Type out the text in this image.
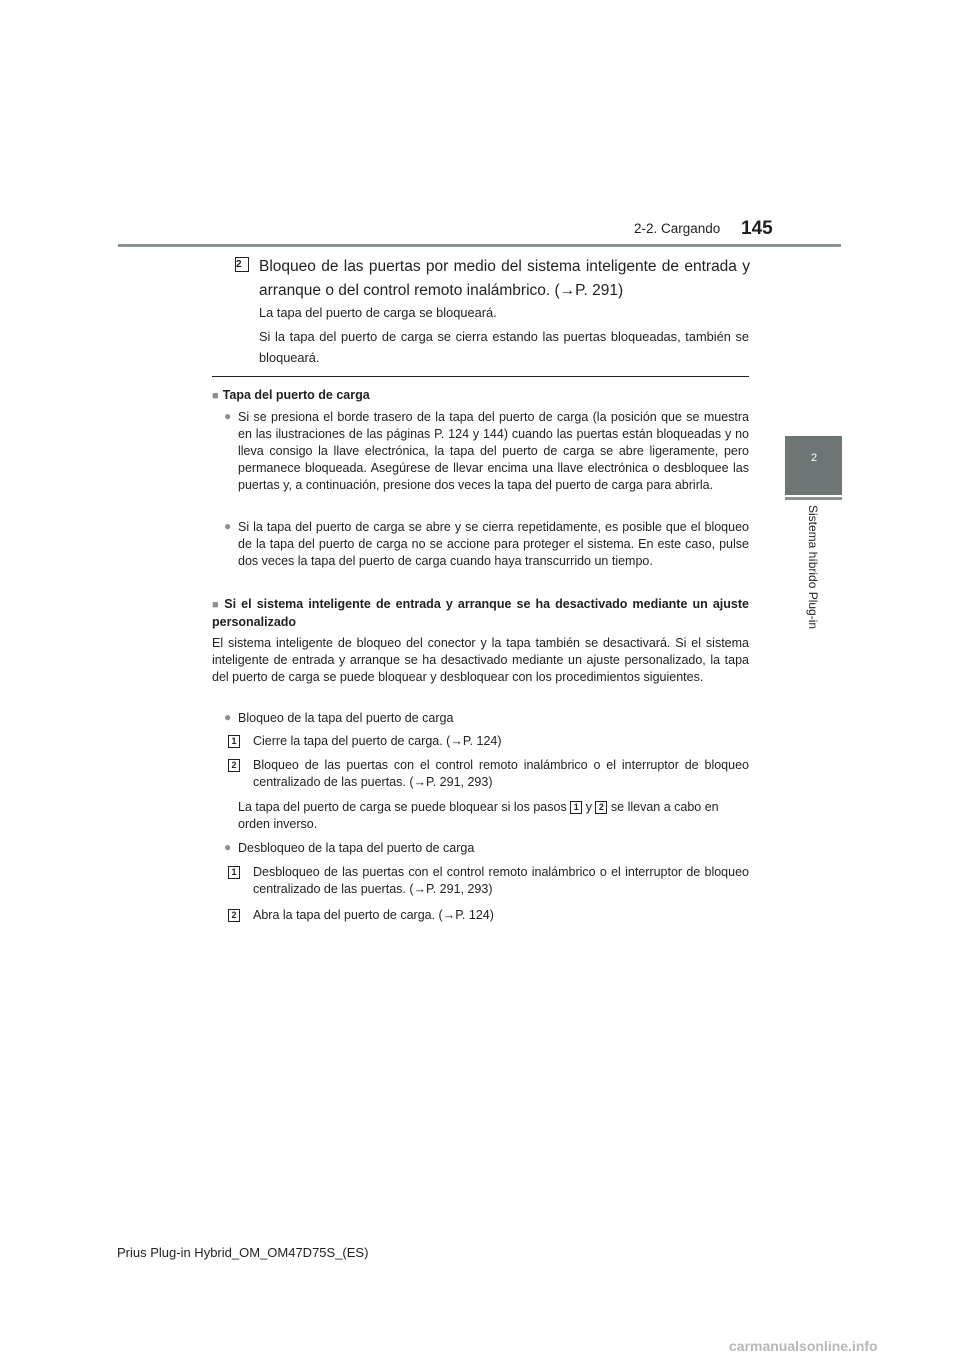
2-2. Cargando 145
2
Sistema híbrido Plug-in
2	Bloqueo de las puertas por medio del sistema inteligente de entrada y arranque o del control remoto inalámbrico. (→P. 291)
La tapa del puerto de carga se bloqueará.
Si la tapa del puerto de carga se cierra estando las puertas bloqueadas, también se bloqueará.
■ Tapa del puerto de carga
● Si se presiona el borde trasero de la tapa del puerto de carga (la posición que se muestra en las ilustraciones de las páginas P. 124 y 144) cuando las puertas están bloqueadas y no lleva consigo la llave electrónica, la tapa del puerto de carga se abre ligeramente, pero permanece bloqueada. Asegúrese de llevar encima una llave electrónica o desbloquee las puertas y, a continuación, presione dos veces la tapa del puerto de carga para abrirla.
● Si la tapa del puerto de carga se abre y se cierra repetidamente, es posible que el bloqueo de la tapa del puerto de carga no se accione para proteger el sistema. En este caso, pulse dos veces la tapa del puerto de carga cuando haya transcurrido un tiempo.
■ Si el sistema inteligente de entrada y arranque se ha desactivado mediante un ajuste personalizado
El sistema inteligente de bloqueo del conector y la tapa también se desactivará. Si el sistema inteligente de entrada y arranque se ha desactivado mediante un ajuste personalizado, la tapa del puerto de carga se puede bloquear y desbloquear con los procedimientos siguientes.
● Bloqueo de la tapa del puerto de carga
1 Cierre la tapa del puerto de carga. (→P. 124)
2 Bloqueo de las puertas con el control remoto inalámbrico o el interruptor de bloqueo centralizado de las puertas. (→P. 291, 293)
La tapa del puerto de carga se puede bloquear si los pasos 1 y 2 se llevan a cabo en orden inverso.
● Desbloqueo de la tapa del puerto de carga
1 Desbloqueo de las puertas con el control remoto inalámbrico o el interruptor de bloqueo centralizado de las puertas. (→P. 291, 293)
2 Abra la tapa del puerto de carga. (→P. 124)
Prius Plug-in Hybrid_OM_OM47D75S_(ES)
carmanualsonline.info
